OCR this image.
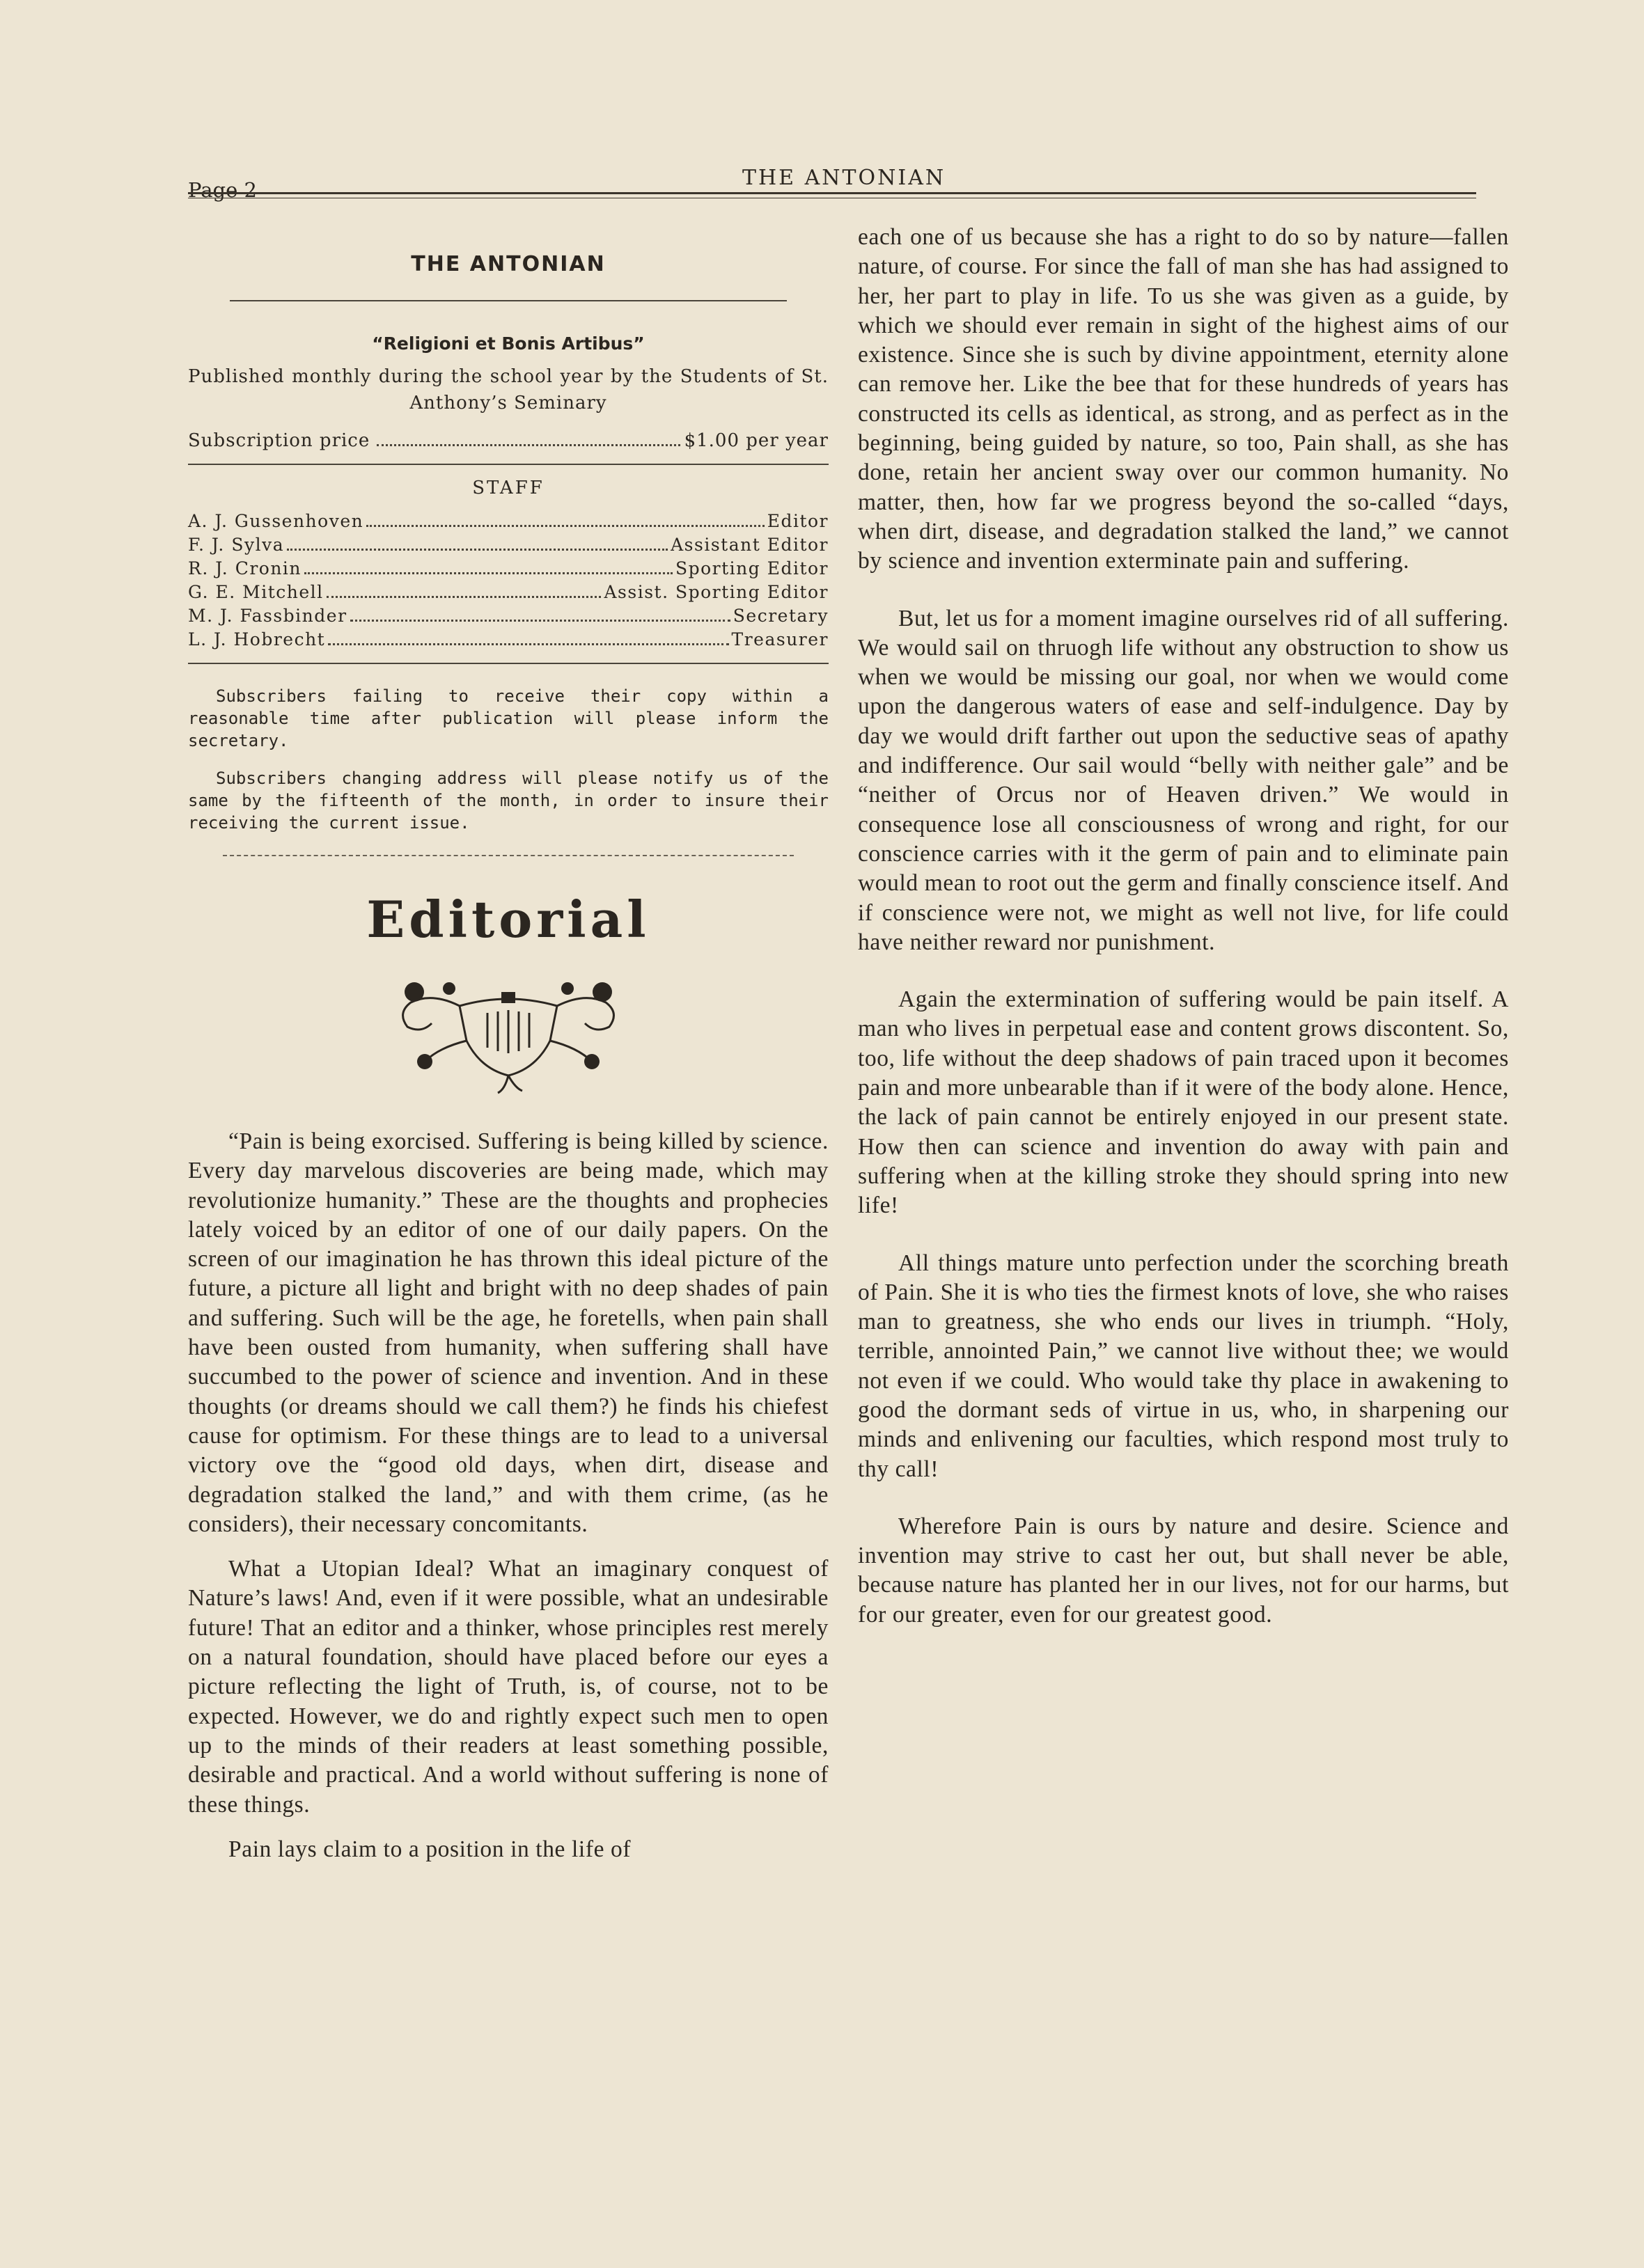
Page 2	THE ANTONIAN
THE ANTONIAN
“Religioni et Bonis Artibus”

Published monthly during the school year by the Students of St. Anthony’s Seminary

Subscription price	$1.00 per year
STAFF
A. J. Gussenhoven	Editor
F. J. Sylva	Assistant Editor
R. J. Cronin	Sporting Editor
G. E. Mitchell	Assist. Sporting Editor
M. J. Fassbinder	Secretary
L. J. Hobrecht	Treasurer

Subscribers failing to receive their copy within a reasonable time after publication will please inform the secretary.

Subscribers changing address will please notify us of the same by the fifteenth of the month, in order to insure their receiving the current issue.

Editorial

“Pain is being exorcised. Suffering is being killed by science. Every day marvelous discoveries are being made, which may revolutionize humanity.” These are the thoughts and prophecies lately voiced by an editor of one of our daily papers. On the screen of our imagination he has thrown this ideal picture of the future, a picture all light and bright with no deep shades of pain and suffering. Such will be the age, he foretells, when pain shall have been ousted from humanity, when suffering shall have succumbed to the power of science and invention. And in these thoughts (or dreams should we call them?) he finds his chiefest cause for optimism. For these things are to lead to a universal victory ove the “good old days, when dirt, disease and degradation stalked the land,” and with them crime, (as he considers), their necessary concomitants.

What a Utopian Ideal? What an imaginary conquest of Nature’s laws! And, even if it were possible, what an undesirable future! That an editor and a thinker, whose principles rest merely on a natural foundation, should have placed before our eyes a picture reflecting the light of Truth, is, of course, not to be expected. However, we do and rightly expect such men to open up to the minds of their readers at least something possible, desirable and practical. And a world without suffering is none of these things.

Pain lays claim to a position in the life of

each one of us because she has a right to do so by nature—fallen nature, of course. For since the fall of man she has had assigned to her, her part to play in life. To us she was given as a guide, by which we should ever remain in sight of the highest aims of our existence. Since she is such by divine appointment, eternity alone can remove her. Like the bee that for these hundreds of years has constructed its cells as identical, as strong, and as perfect as in the beginning, being guided by nature, so too, Pain shall, as she has done, retain her ancient sway over our common humanity. No matter, then, how far we progress beyond the so-called “days, when dirt, disease, and degradation stalked the land,” we cannot by science and invention exterminate pain and suffering.

But, let us for a moment imagine ourselves rid of all suffering. We would sail on thruogh life without any obstruction to show us when we would be missing our goal, nor when we would come upon the dangerous waters of ease and self-indulgence. Day by day we would drift farther out upon the seductive seas of apathy and indifference. Our sail would “belly with neither gale” and be “neither of Orcus nor of Heaven driven.” We would in consequence lose all consciousness of wrong and right, for our conscience carries with it the germ of pain and to eliminate pain would mean to root out the germ and finally conscience itself. And if conscience were not, we might as well not live, for life could have neither reward nor punishment.

Again the extermination of suffering would be pain itself. A man who lives in perpetual ease and content grows discontent. So, too, life without the deep shadows of pain traced upon it becomes pain and more unbearable than if it were of the body alone. Hence, the lack of pain cannot be entirely enjoyed in our present state. How then can science and invention do away with pain and suffering when at the killing stroke they should spring into new life!

All things mature unto perfection under the scorching breath of Pain. She it is who ties the firmest knots of love, she who raises man to greatness, she who ends our lives in triumph. “Holy, terrible, annointed Pain,” we cannot live without thee; we would not even if we could. Who would take thy place in awakening to good the dormant seds of virtue in us, who, in sharpening our minds and enlivening our faculties, which respond most truly to thy call!

Wherefore Pain is ours by nature and desire. Science and invention may strive to cast her out, but shall never be able, because nature has planted her in our lives, not for our harms, but for our greater, even for our greatest good.
